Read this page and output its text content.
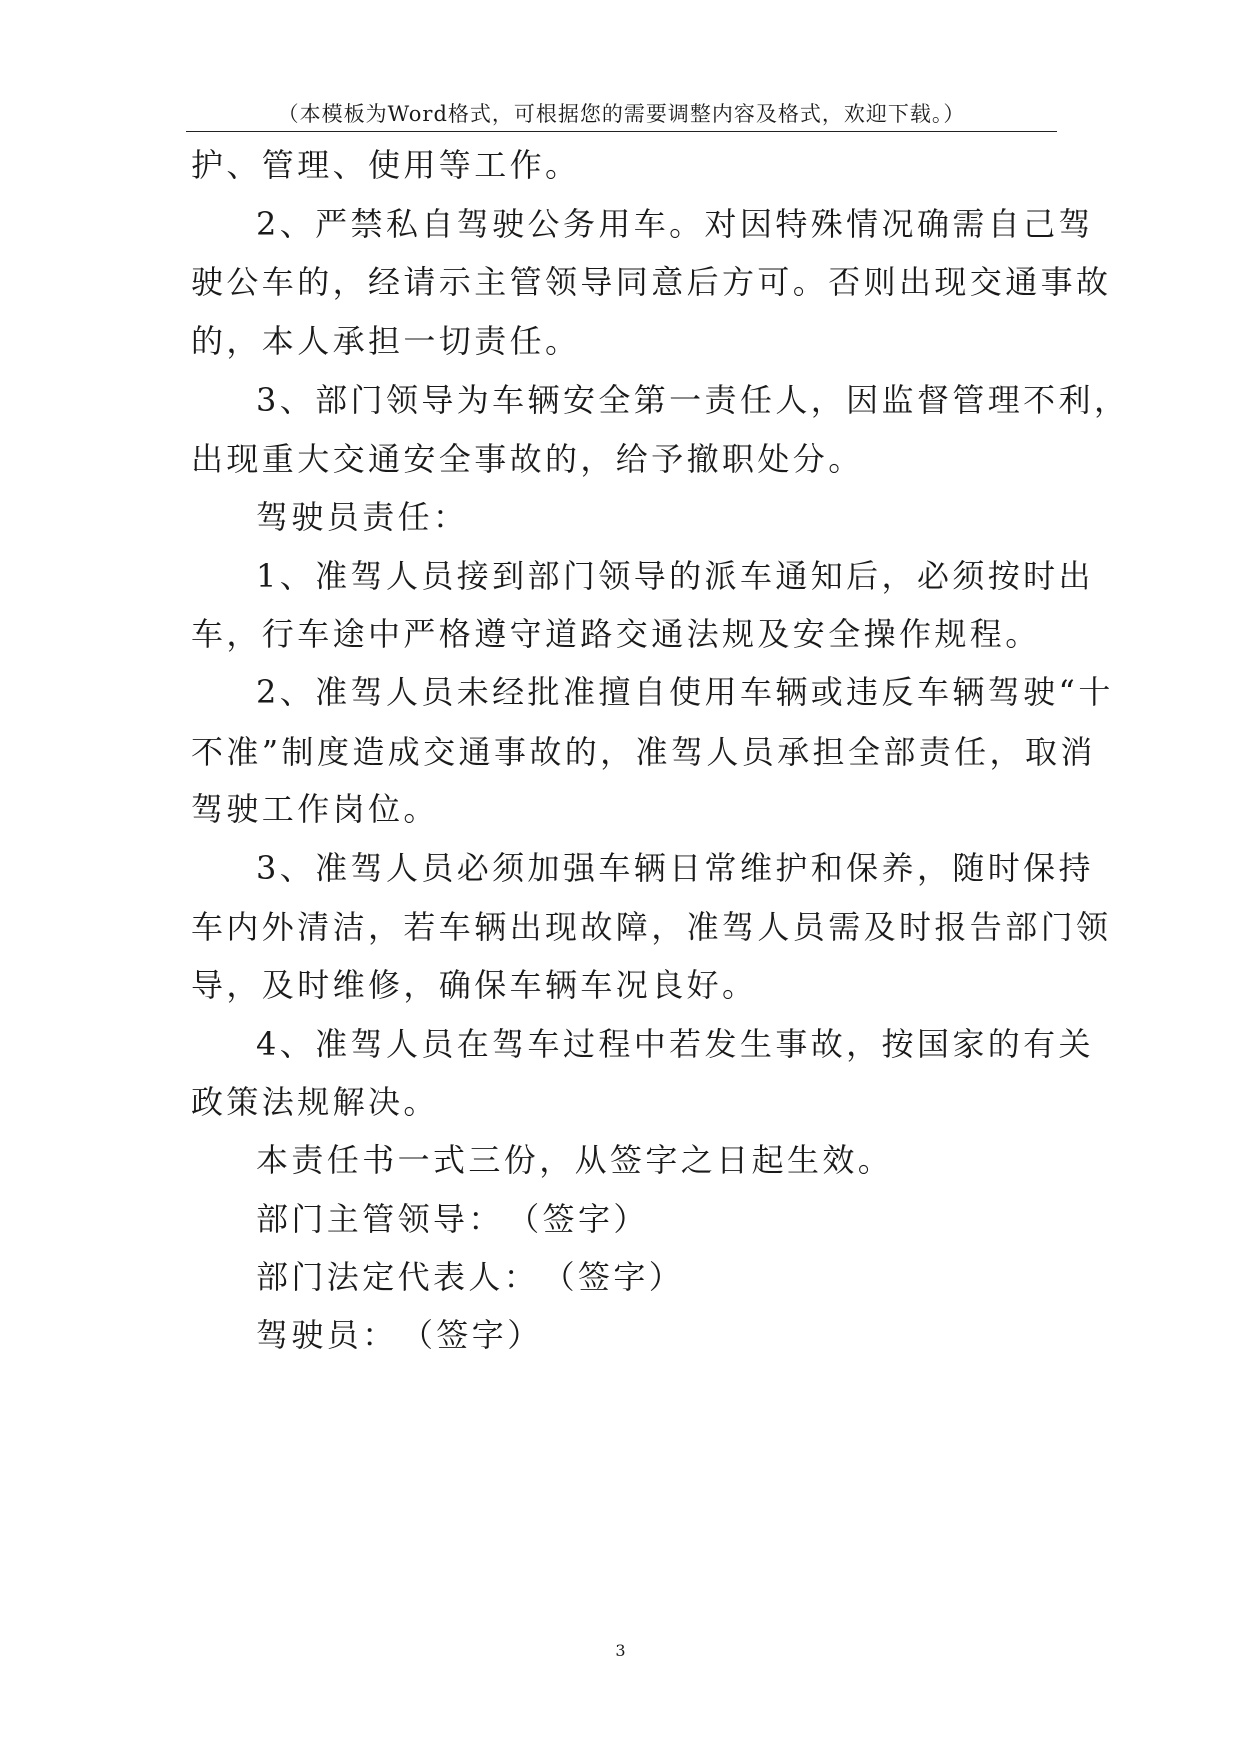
（本模板为Word格式，可根据您的需要调整内容及格式，欢迎下载。）
护、管理、使用等工作。
2、严禁私自驾驶公务用车。对因特殊情况确需自己驾
驶公车的，经请示主管领导同意后方可。否则出现交通事故
的，本人承担一切责任。
3、部门领导为车辆安全第一责任人，因监督管理不利，
出现重大交通安全事故的，给予撤职处分。
驾驶员责任：
1、准驾人员接到部门领导的派车通知后，必须按时出
车，行车途中严格遵守道路交通法规及安全操作规程。
2、准驾人员未经批准擅自使用车辆或违反车辆驾驶“十
不准”制度造成交通事故的，准驾人员承担全部责任，取消
驾驶工作岗位。
3、准驾人员必须加强车辆日常维护和保养，随时保持
车内外清洁，若车辆出现故障，准驾人员需及时报告部门领
导，及时维修，确保车辆车况良好。
4、准驾人员在驾车过程中若发生事故，按国家的有关
政策法规解决。
本责任书一式三份，从签字之日起生效。
部门主管领导：　（签字）
部门法定代表人：　（签字）
驾驶员：　（签字）
3
